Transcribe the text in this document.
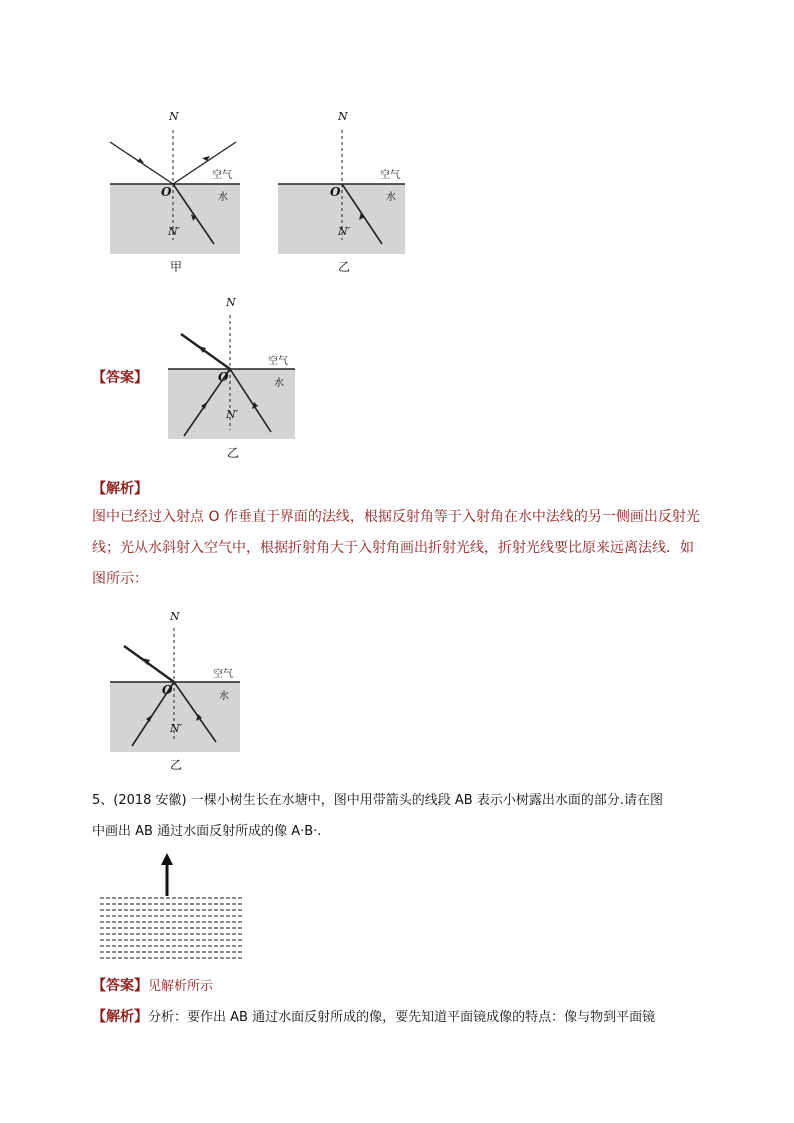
N
N′
O
空气
水
甲
N
N′
O
空气
水
乙
【答案】
N
N′
O
空气
水
乙
【解析】
图中已经过入射点 O 作垂直于界面的法线，根据反射角等于入射角在水中法线的另一侧画出反射光
线；光从水斜射入空气中，根据折射角大于入射角画出折射光线，折射光线要比原来远离法线．如
图所示：
N
N′
O
空气
水
乙
5、(2018 安徽) 一棵小树生长在水塘中，图中用带箭头的线段 AB 表示小树露出水面的部分.请在图
中画出 AB 通过水面反射所成的像 A·B·.
【答案】 见解析所示
【解析】 分析：要作出 AB 通过水面反射所成的像，要先知道平面镜成像的特点：像与物到平面镜
